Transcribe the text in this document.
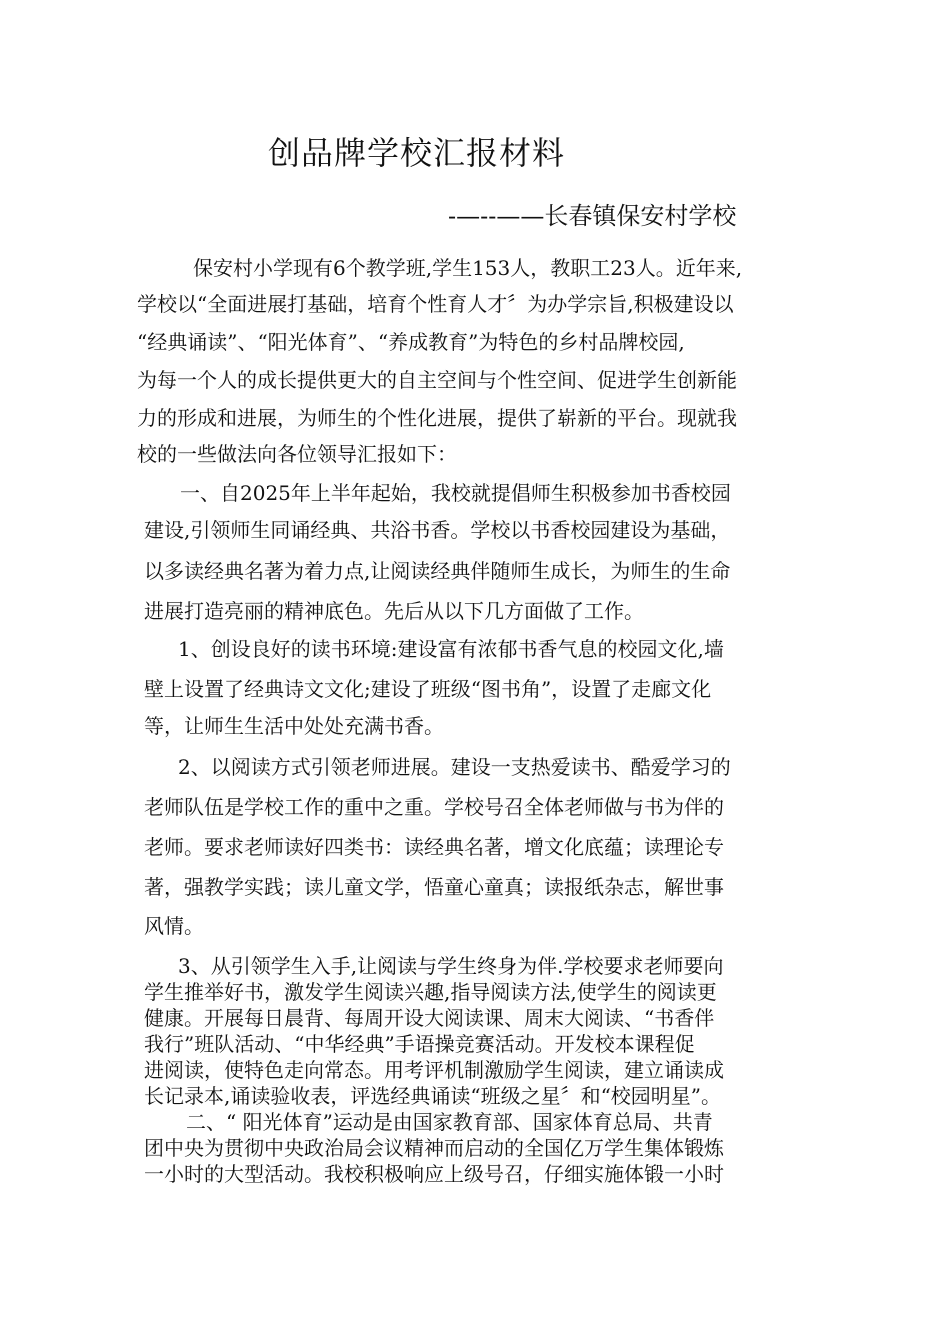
创品牌学校汇报材料
-—--——长春镇保安村学校
保安村小学现有6个教学班,学生153人，教职工23人。近年来,
学校以“全面进展打基础，培育个性育人才〞为办学宗旨,积极建设以
“经典诵读”、“阳光体育”、“养成教育”为特色的乡村品牌校园,
为每一个人的成长提供更大的自主空间与个性空间、促进学生创新能
力的形成和进展，为师生的个性化进展，提供了崭新的平台。现就我
校的一些做法向各位领导汇报如下：
一、自2025年上半年起始，我校就提倡师生积极参加书香校园
建设,引领师生同诵经典、共浴书香。学校以书香校园建设为基础，
以多读经典名著为着力点,让阅读经典伴随师生成长，为师生的生命
进展打造亮丽的精神底色。先后从以下几方面做了工作。
1、创设良好的读书环境:建设富有浓郁书香气息的校园文化,墙
壁上设置了经典诗文文化;建设了班级“图书角”，设置了走廊文化
等，让师生生活中处处充满书香。
2、以阅读方式引领老师进展。建设一支热爱读书、酷爱学习的
老师队伍是学校工作的重中之重。学校号召全体老师做与书为伴的
老师。要求老师读好四类书：读经典名著，增文化底蕴；读理论专
著，强教学实践；读儿童文学，悟童心童真；读报纸杂志，解世事
风情。
3、从引领学生入手,让阅读与学生终身为伴.学校要求老师要向
学生推举好书，激发学生阅读兴趣,指导阅读方法,使学生的阅读更
健康。开展每日晨背、每周开设大阅读课、周末大阅读、“书香伴
我行”班队活动、“中华经典”手语操竞赛活动。开发校本课程促
进阅读，使特色走向常态。用考评机制激励学生阅读，建立诵读成
长记录本,诵读验收表，评选经典诵读“班级之星〞和“校园明星”。
二、“ 阳光体育”运动是由国家教育部、国家体育总局、共青
团中央为贯彻中央政治局会议精神而启动的全国亿万学生集体锻炼
一小时的大型活动。我校积极响应上级号召，仔细实施体锻一小时
